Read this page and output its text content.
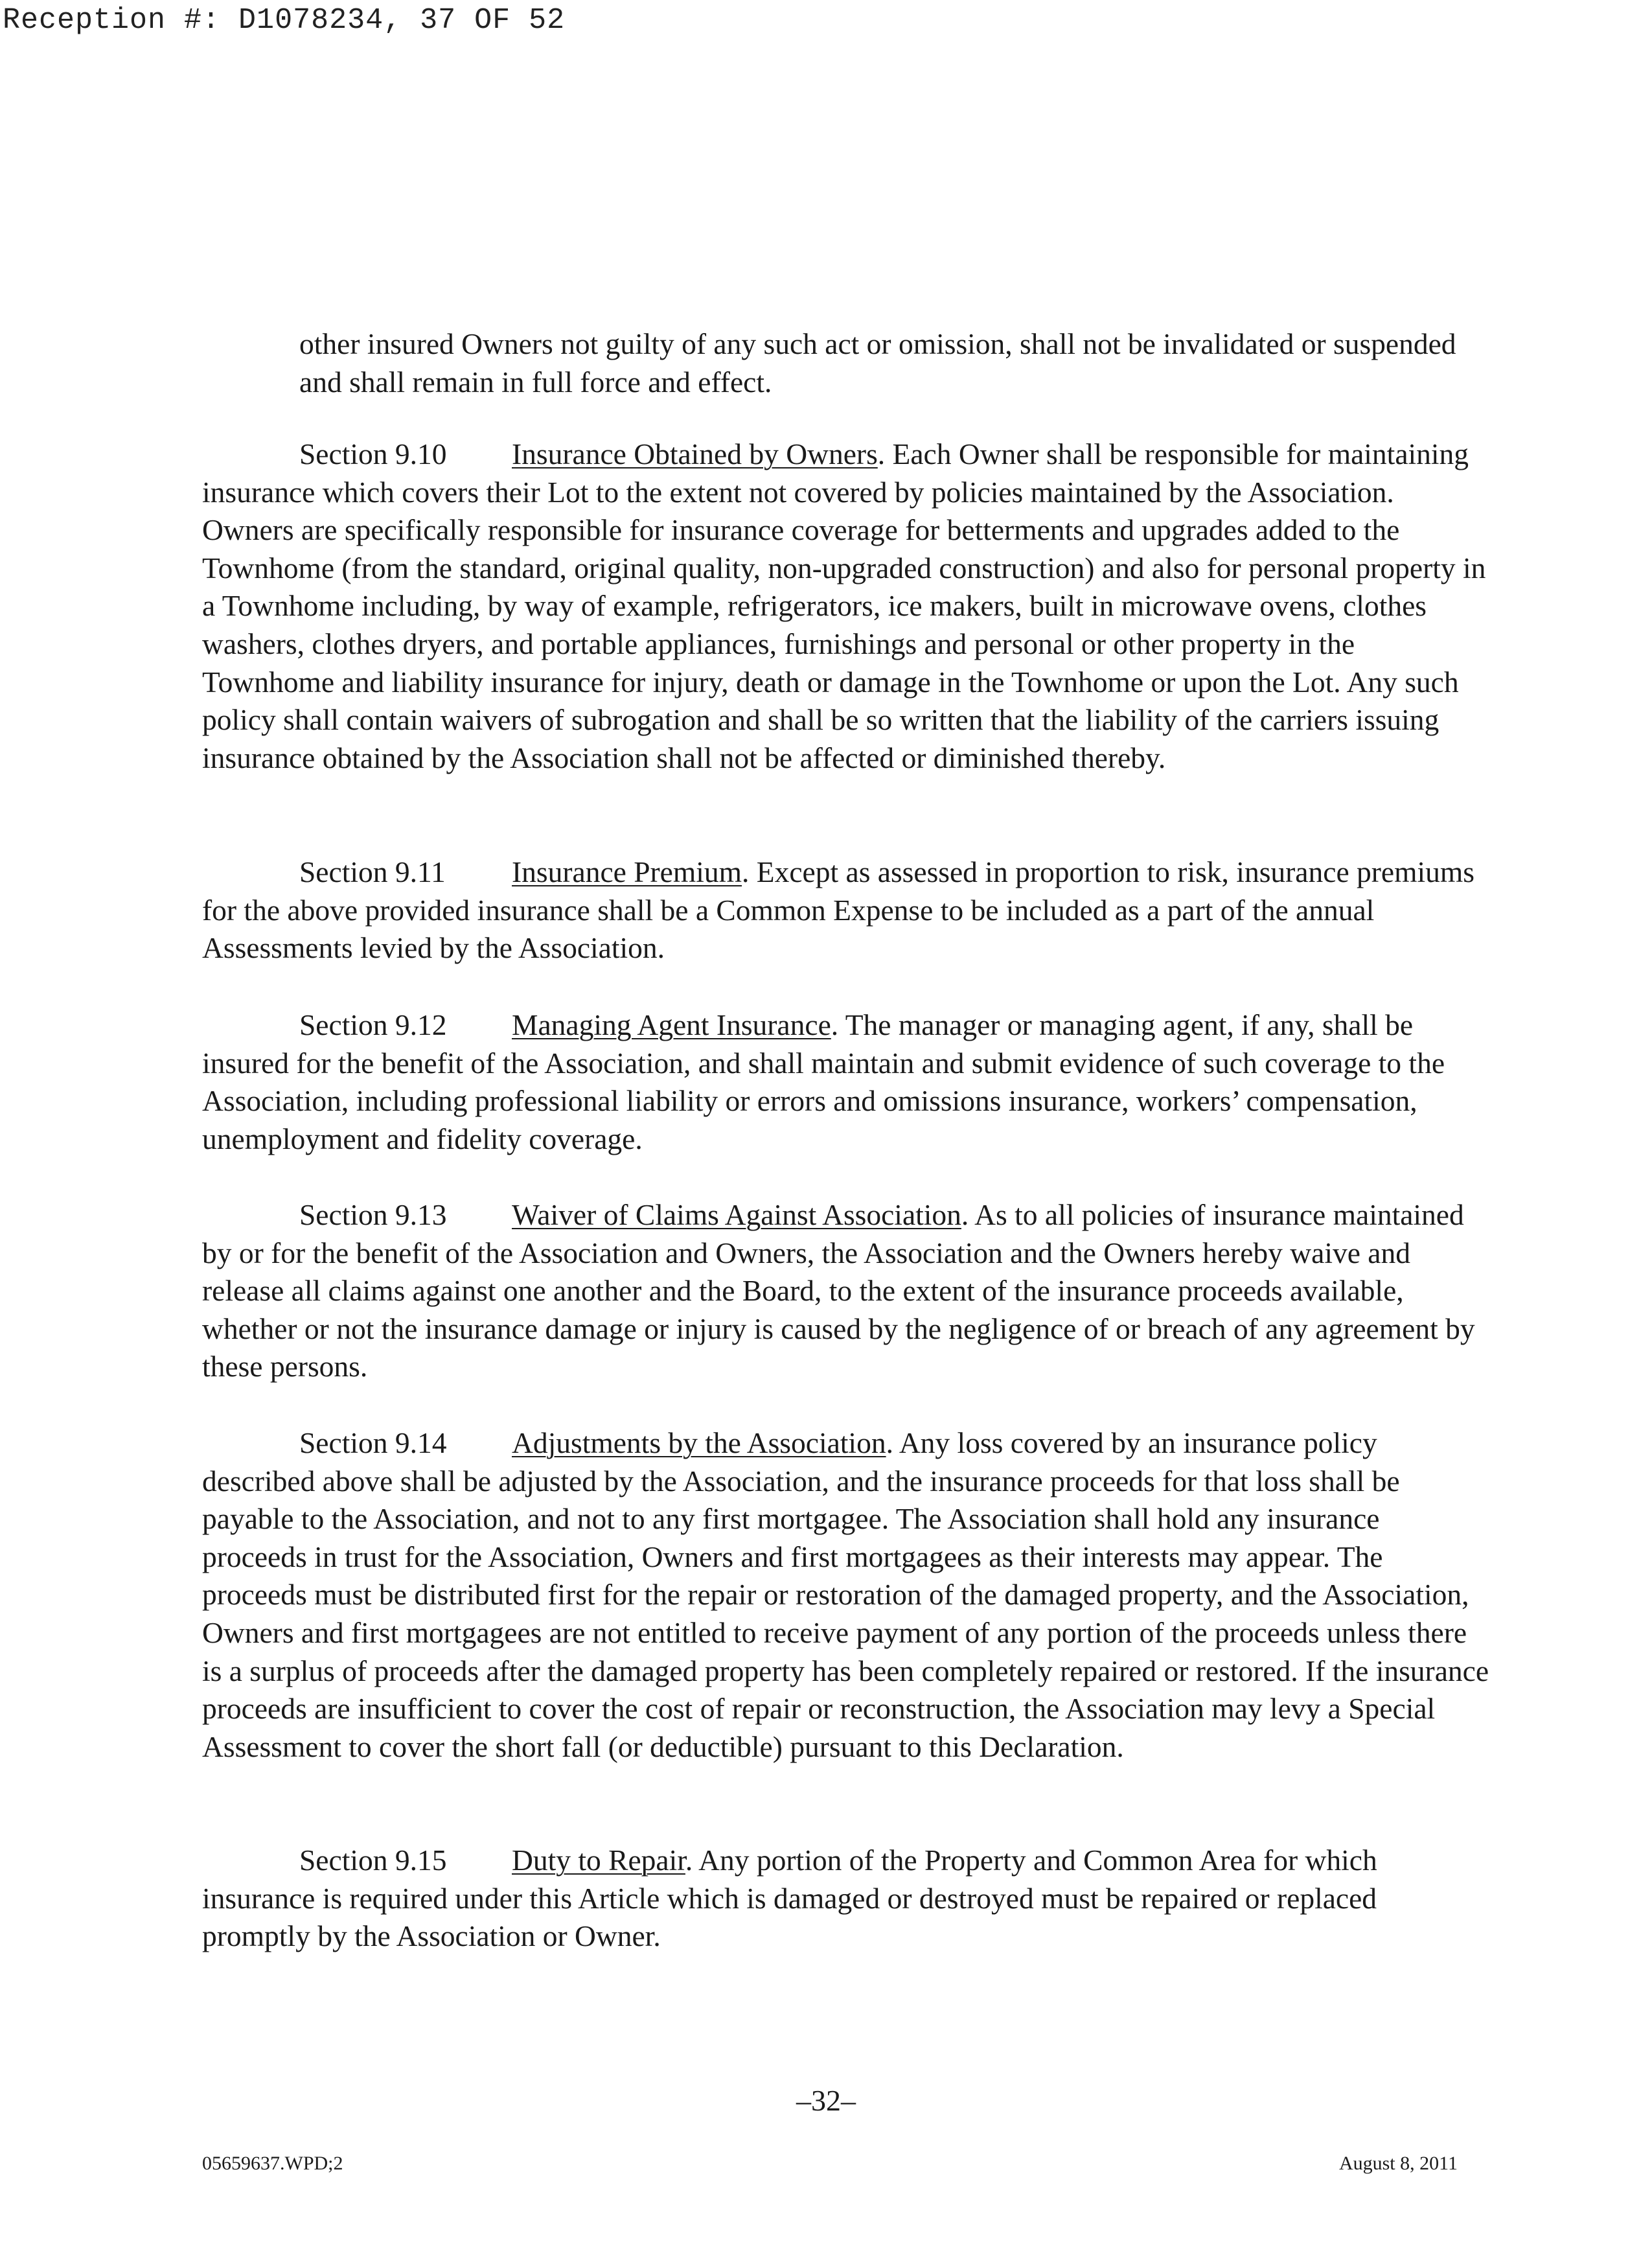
Reception #: D1078234, 37 OF 52

other insured Owners not guilty of any such act or omission, shall not be invalidated or suspended and shall remain in full force and effect.

Section 9.10 Insurance Obtained by Owners. Each Owner shall be responsible for maintaining insurance which covers their Lot to the extent not covered by policies maintained by the Association. Owners are specifically responsible for insurance coverage for betterments and upgrades added to the Townhome (from the standard, original quality, non-upgraded construction) and also for personal property in a Townhome including, by way of example, refrigerators, ice makers, built in microwave ovens, clothes washers, clothes dryers, and portable appliances, furnishings and personal or other property in the Townhome and liability insurance for injury, death or damage in the Townhome or upon the Lot. Any such policy shall contain waivers of subrogation and shall be so written that the liability of the carriers issuing insurance obtained by the Association shall not be affected or diminished thereby.

Section 9.11 Insurance Premium. Except as assessed in proportion to risk, insurance premiums for the above provided insurance shall be a Common Expense to be included as a part of the annual Assessments levied by the Association.

Section 9.12 Managing Agent Insurance. The manager or managing agent, if any, shall be insured for the benefit of the Association, and shall maintain and submit evidence of such coverage to the Association, including professional liability or errors and omissions insurance, workers’ compensation, unemployment and fidelity coverage.

Section 9.13 Waiver of Claims Against Association. As to all policies of insurance maintained by or for the benefit of the Association and Owners, the Association and the Owners hereby waive and release all claims against one another and the Board, to the extent of the insurance proceeds available, whether or not the insurance damage or injury is caused by the negligence of or breach of any agreement by these persons.

Section 9.14 Adjustments by the Association. Any loss covered by an insurance policy described above shall be adjusted by the Association, and the insurance proceeds for that loss shall be payable to the Association, and not to any first mortgagee. The Association shall hold any insurance proceeds in trust for the Association, Owners and first mortgagees as their interests may appear. The proceeds must be distributed first for the repair or restoration of the damaged property, and the Association, Owners and first mortgagees are not entitled to receive payment of any portion of the proceeds unless there is a surplus of proceeds after the damaged property has been completely repaired or restored. If the insurance proceeds are insufficient to cover the cost of repair or reconstruction, the Association may levy a Special Assessment to cover the short fall (or deductible) pursuant to this Declaration.

Section 9.15 Duty to Repair. Any portion of the Property and Common Area for which insurance is required under this Article which is damaged or destroyed must be repaired or replaced promptly by the Association or Owner.

–32–
05659637.WPD;2	August 8, 2011
